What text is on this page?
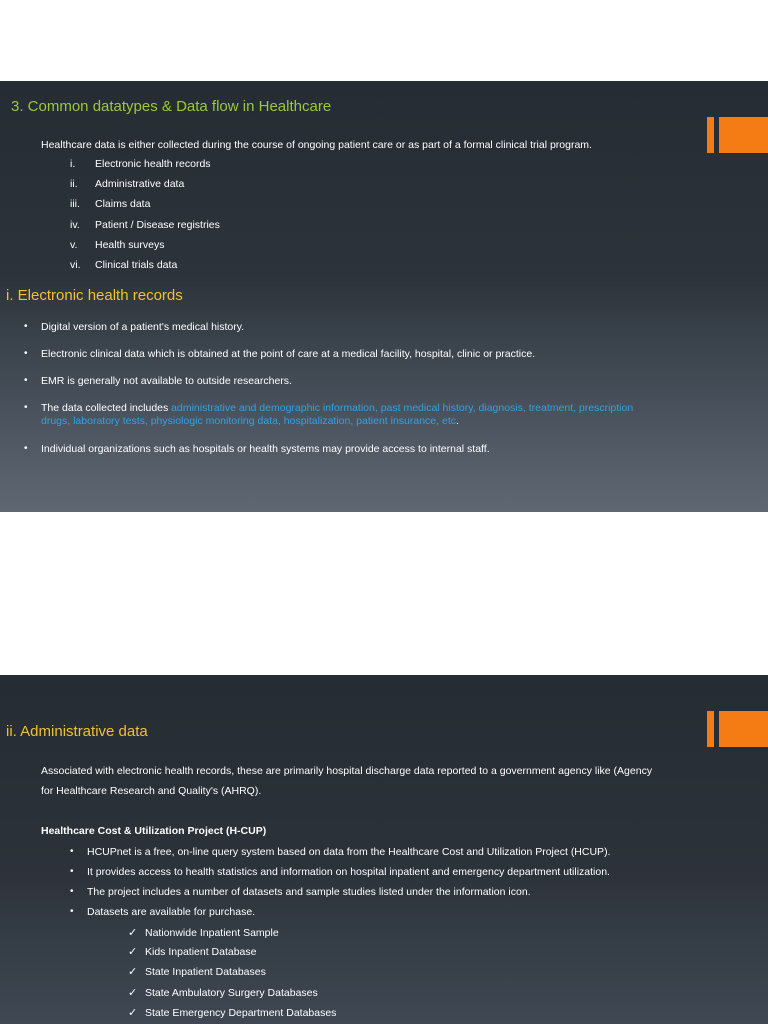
3. Common datatypes & Data flow in Healthcare
Healthcare data is either collected during the course of ongoing patient care or as part of a formal clinical trial program.
i. Electronic health records
ii. Administrative data
iii. Claims data
iv. Patient / Disease registries
v. Health surveys
vi. Clinical trials data
i. Electronic health records
• Digital version of a patient's medical history.
• Electronic clinical data which is obtained at the point of care at a medical facility, hospital, clinic or practice.
• EMR is generally not available to outside researchers.
• The data collected includes administrative and demographic information, past medical history, diagnosis, treatment, prescription
drugs, laboratory tests, physiologic monitoring data, hospitalization, patient insurance, etc.
• Individual organizations such as hospitals or health systems may provide access to internal staff.
ii. Administrative data
Associated with electronic health records, these are primarily hospital discharge data reported to a government agency like (Agency
for Healthcare Research and Quality's (AHRQ).
Healthcare Cost & Utilization Project (H-CUP)
• HCUPnet is a free, on-line query system based on data from the Healthcare Cost and Utilization Project (HCUP).
• It provides access to health statistics and information on hospital inpatient and emergency department utilization.
• The project includes a number of datasets and sample studies listed under the information icon.
• Datasets are available for purchase.
✓ Nationwide Inpatient Sample
✓ Kids Inpatient Database
✓ State Inpatient Databases
✓ State Ambulatory Surgery Databases
✓ State Emergency Department Databases
